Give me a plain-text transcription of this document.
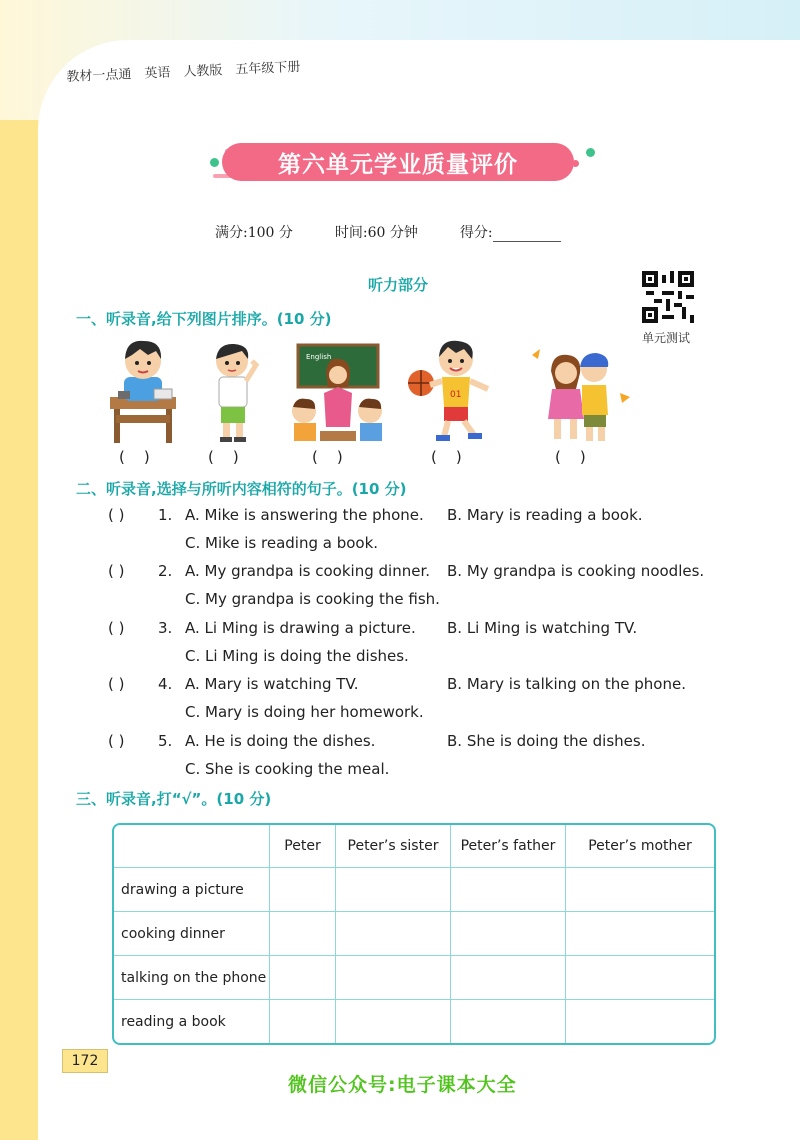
教材一点通 英语 人教版 五年级下册
第六单元学业质量评价
满分:100 分	时间:60 分钟	得分:
听力部分
单元测试
一、听录音,给下列图片排序。(10 分)
English
01
(    )	(    )	(    )	(    )	(    )
二、听录音,选择与所听内容相符的句子。(10 分)
( ) 1. A. Mike is answering the phone. B. Mary is reading a book.
C. Mike is reading a book.
( ) 2. A. My grandpa is cooking dinner. B. My grandpa is cooking noodles.
C. My grandpa is cooking the fish.
( ) 3. A. Li Ming is drawing a picture. B. Li Ming is watching TV.
C. Li Ming is doing the dishes.
( ) 4. A. Mary is watching TV.	B. Mary is talking on the phone.
C. Mary is doing her homework.
( ) 5. A. He is doing the dishes.	B. She is doing the dishes.
C. She is cooking the meal.
三、听录音,打“√”。(10 分)
	Peter	Peter’s sister	Peter’s father	Peter’s mother
drawing a picture				
cooking dinner				
talking on the phone				
reading a book				
172
微信公众号:电子课本大全
